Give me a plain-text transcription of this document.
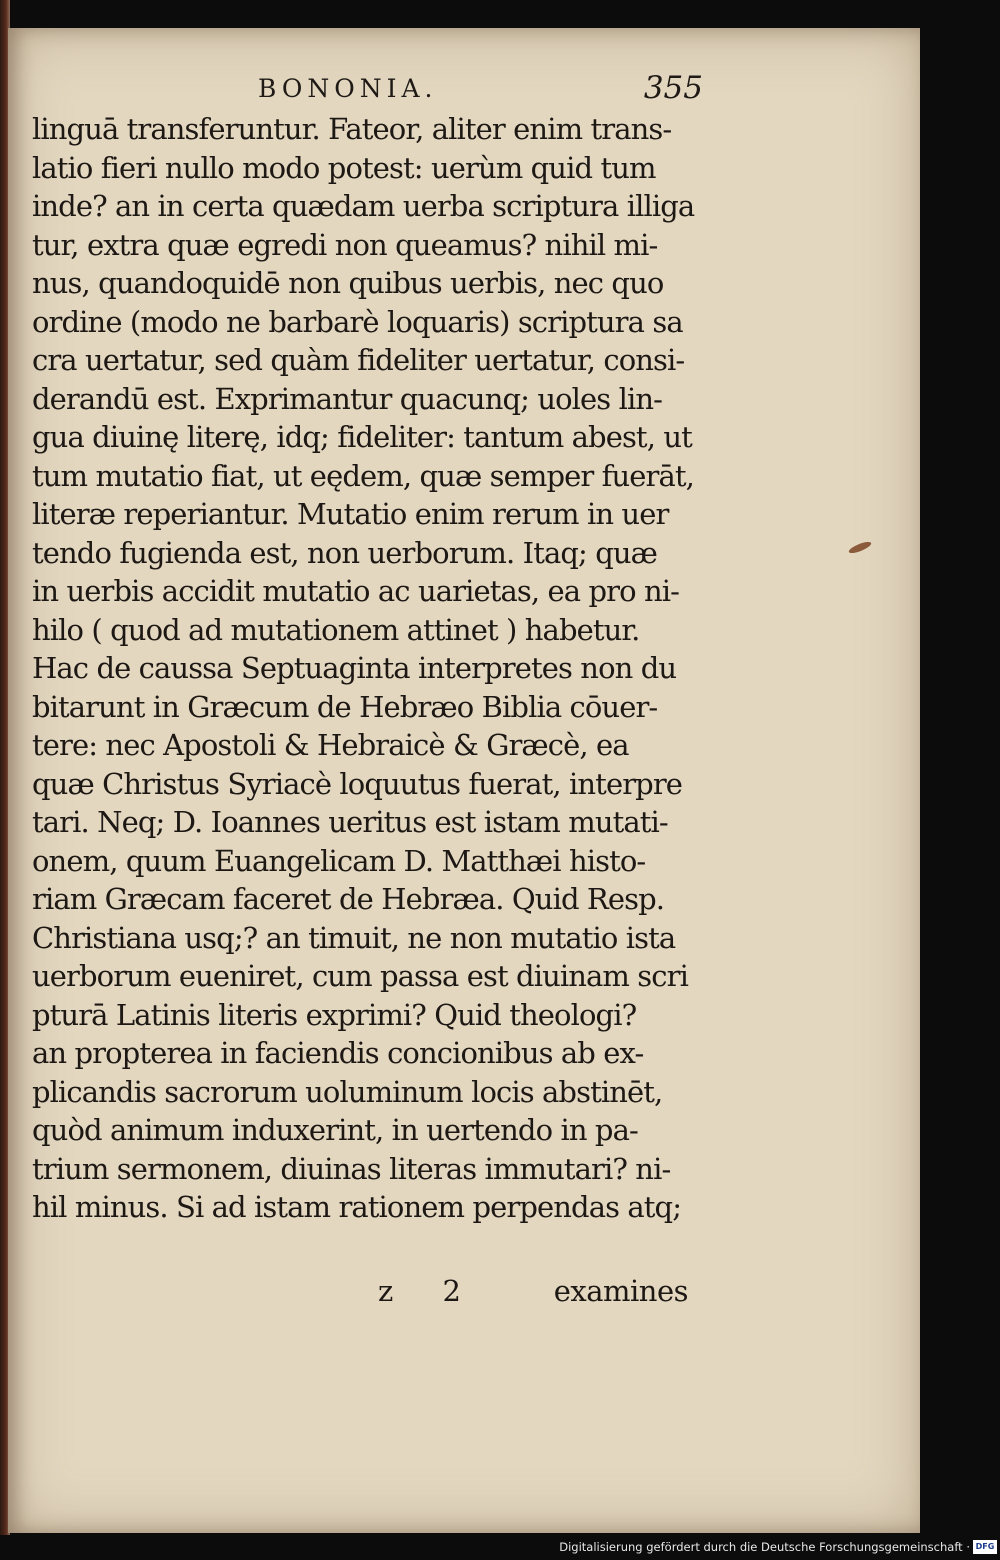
BONONIA.	355
linguā transferuntur. Fateor, aliter enim trans-
latio fieri nullo modo potest: uerùm quid tum
inde? an in certa quædam uerba scriptura illiga
tur, extra quæ egredi non queamus? nihil mi-
nus, quandoquidē non quibus uerbis, nec quo
ordine (modo ne barbarè loquaris) scriptura sa
cra uertatur, sed quàm fideliter uertatur, consi-
derandū est. Exprimantur quacunq; uoles lin-
gua diuinę literę, idq; fideliter: tantum abest, ut
tum mutatio fiat, ut eędem, quæ semper fuerāt,
literæ reperiantur. Mutatio enim rerum in uer
tendo fugienda est, non uerborum. Itaq; quæ
in uerbis accidit mutatio ac uarietas, ea pro ni-
hilo ( quod ad mutationem attinet ) habetur.
Hac de caussa Septuaginta interpretes non du
bitarunt in Græcum de Hebræo Biblia cōuer-
tere: nec Apostoli & Hebraicè & Græcè, ea
quæ Christus Syriacè loquutus fuerat, interpre
tari. Neq; D. Ioannes ueritus est istam mutati-
onem, quum Euangelicam D. Matthæi histo-
riam Græcam faceret de Hebræa. Quid Resp.
Christiana usq;? an timuit, ne non mutatio ista
uerborum eueniret, cum passa est diuinam scri
pturā Latinis literis exprimi? Quid theologi?
an propterea in faciendis concionibus ab ex-
plicandis sacrorum uoluminum locis abstinēt,
quòd animum induxerint, in uertendo in pa-
trium sermonem, diuinas literas immutari? ni-
hil minus. Si ad istam rationem perpendas atq;
z 2	examines
Digitalisierung gefördert durch die Deutsche Forschungsgemeinschaft · DFG
